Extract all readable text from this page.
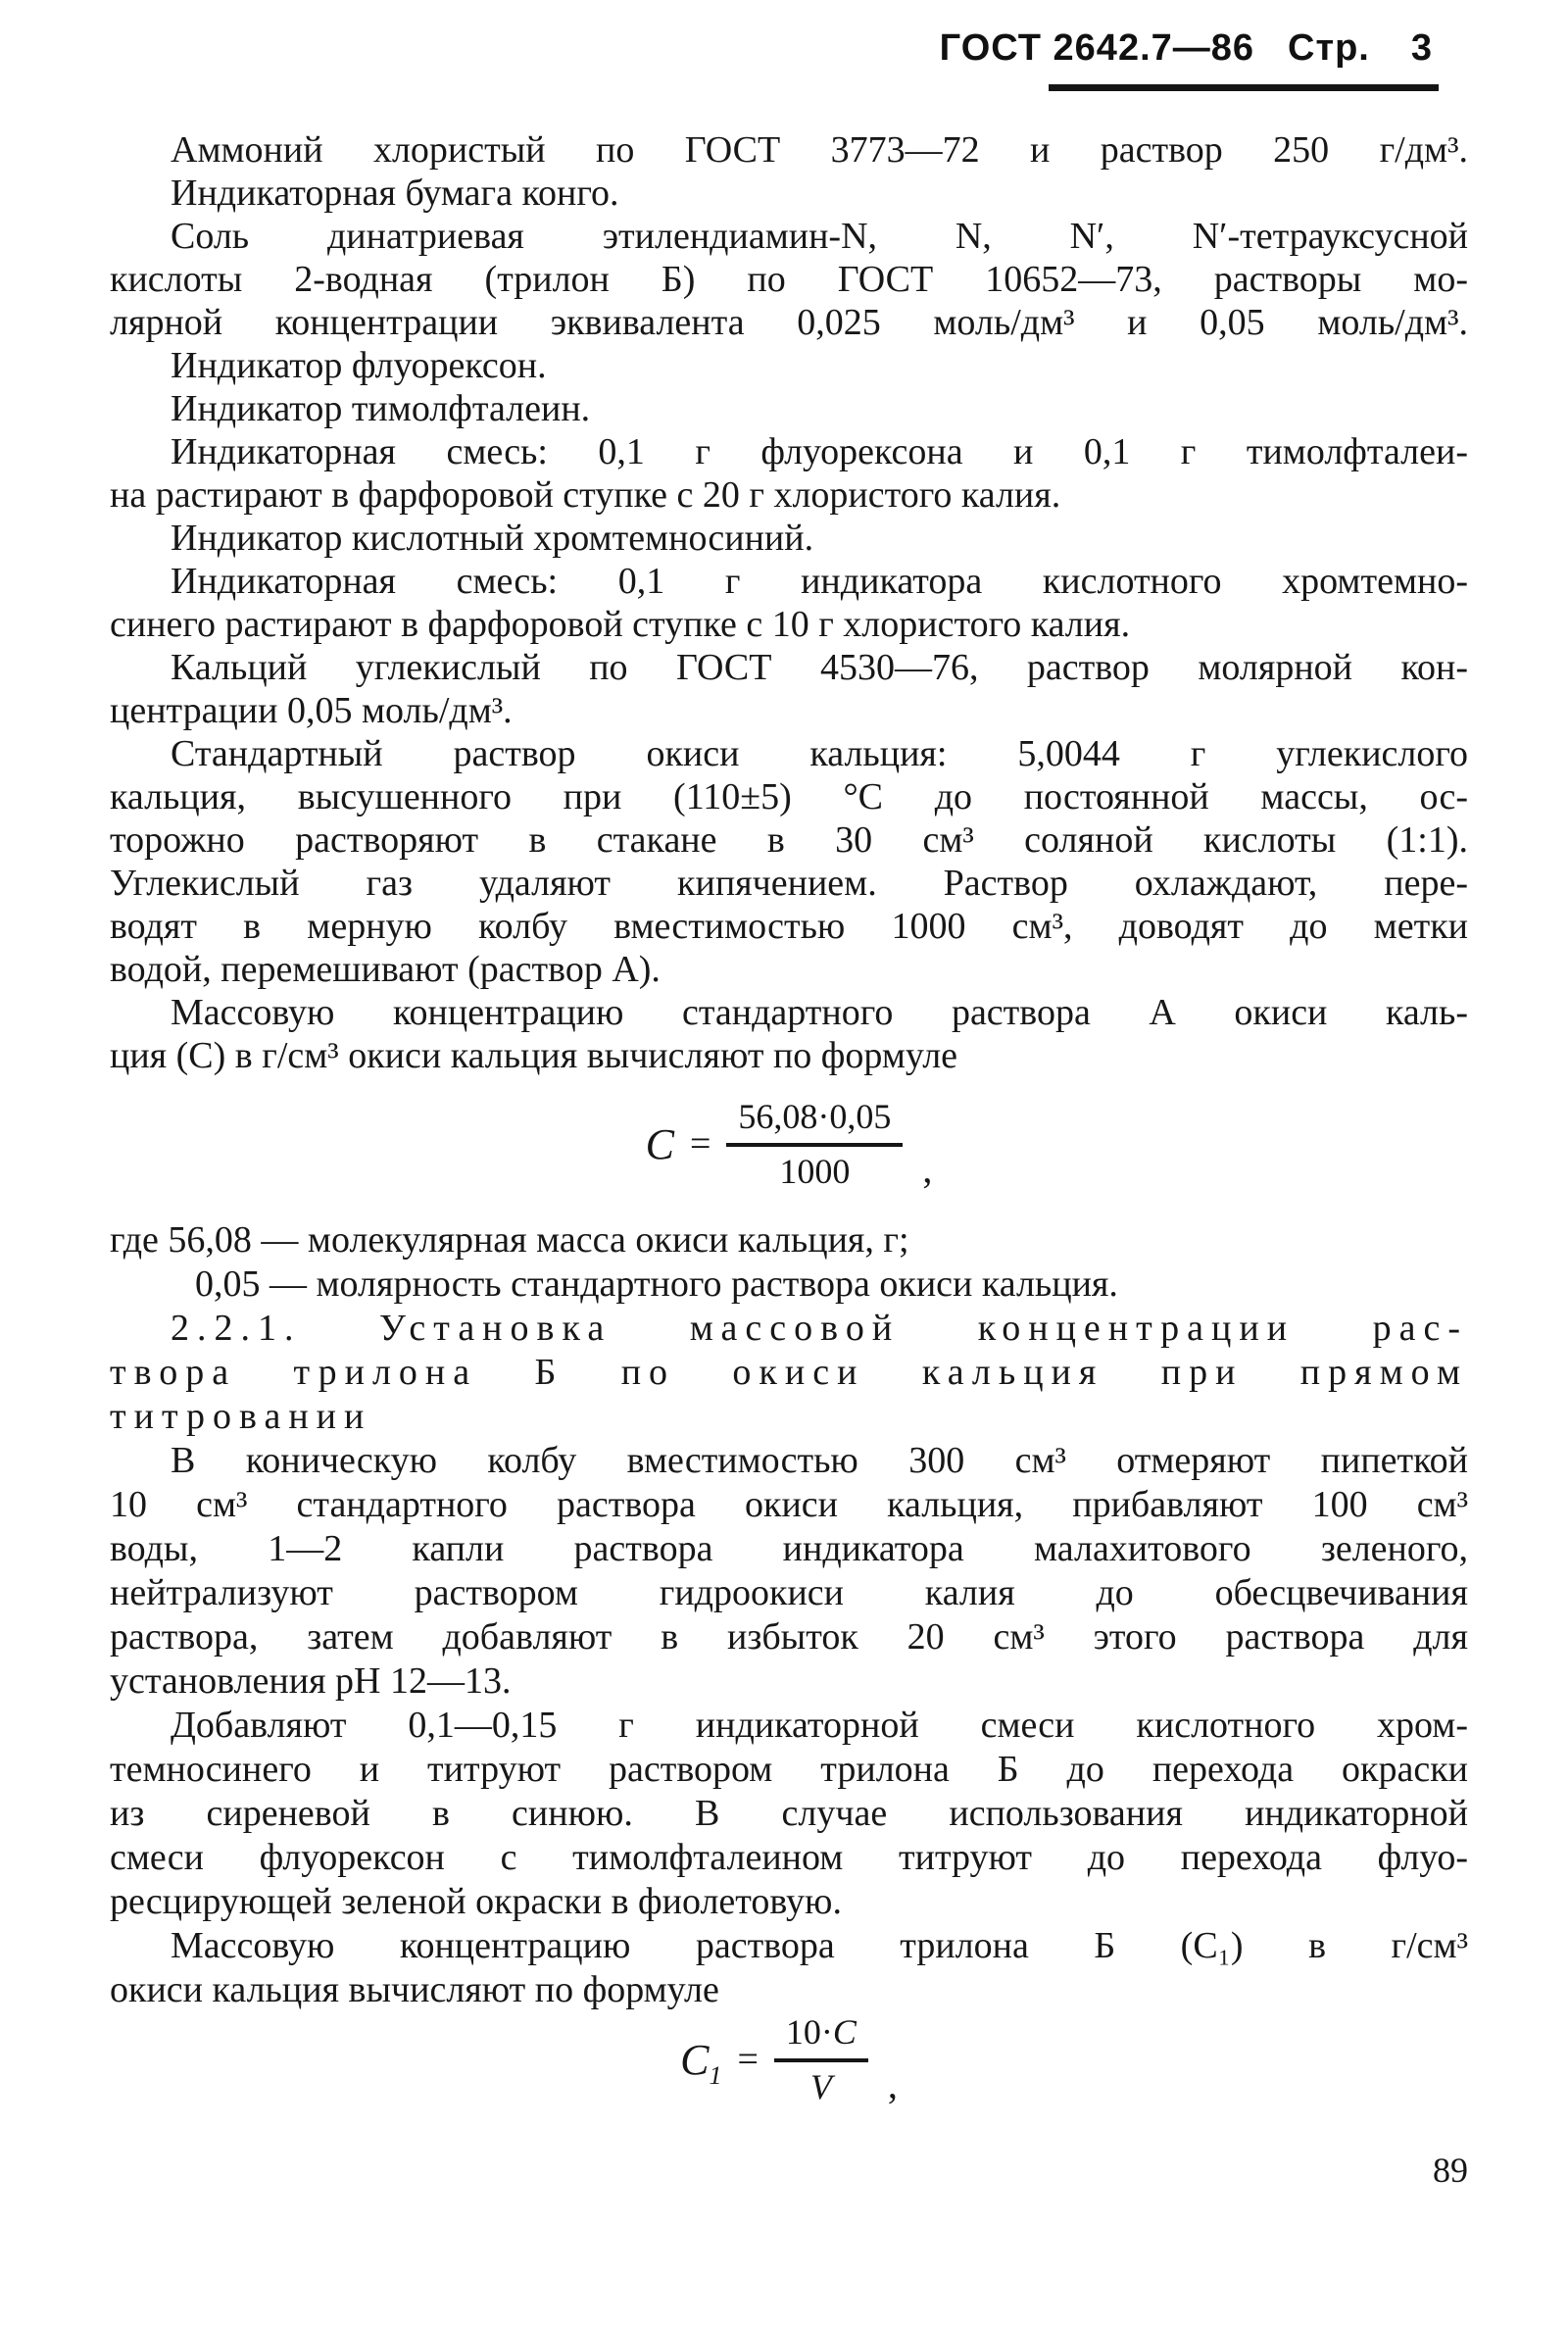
ГОСТ 2642.7—86 Стр. 3
Аммоний хлористый по ГОСТ 3773—72 и раствор 250 г/дм³.
Индикаторная бумага конго.
Соль динатриевая этилендиамин-N, N, N′, N′-тетрауксусной
кислоты 2-водная (трилон Б) по ГОСТ 10652—73, растворы мо-
лярной концентрации эквивалента 0,025 моль/дм³ и 0,05 моль/дм³.
Индикатор флуорексон.
Индикатор тимолфталеин.
Индикаторная смесь: 0,1 г флуорексона и 0,1 г тимолфталеи-
на растирают в фарфоровой ступке с 20 г хлористого калия.
Индикатор кислотный хромтемносиний.
Индикаторная смесь: 0,1 г индикатора кислотного хромтемно-
синего растирают в фарфоровой ступке с 10 г хлористого калия.
Кальций углекислый по ГОСТ 4530—76, раствор молярной кон-
центрации 0,05 моль/дм³.
Стандартный раствор окиси кальция: 5,0044 г углекислого
кальция, высушенного при (110±5) °С до постоянной массы, ос-
торожно растворяют в стакане в 30 см³ соляной кислоты (1:1).
Углекислый газ удаляют кипячением. Раствор охлаждают, пере-
водят в мерную колбу вместимостью 1000 см³, доводят до метки
водой, перемешивают (раствор А).
Массовую концентрацию стандартного раствора А окиси каль-
ция (С) в г/см³ окиси кальция вычисляют по формуле
$C = \frac{56,08\cdot 0,05}{1000}$ ,
где 56,08 — молекулярная масса окиси кальция, г;
0,05 — молярность стандартного раствора окиси кальция.
2.2.1. Установка массовой концентрации рас-
твора трилона Б по окиси кальция при прямом
титровании
В коническую колбу вместимостью 300 см³ отмеряют пипеткой
10 см³ стандартного раствора окиси кальция, прибавляют 100 см³
воды, 1—2 капли раствора индикатора малахитового зеленого,
нейтрализуют раствором гидроокиси калия до обесцвечивания
раствора, затем добавляют в избыток 20 см³ этого раствора для
установления рН 12—13.
Добавляют 0,1—0,15 г индикаторной смеси кислотного хром-
темносинего и титруют раствором трилона Б до перехода окраски
из сиреневой в синюю. В случае использования индикаторной
смеси флуорексон с тимолфталеином титруют до перехода флуо-
ресцирующей зеленой окраски в фиолетовую.
Массовую концентрацию раствора трилона Б (С₁) в г/см³
окиси кальция вычисляют по формуле
$C_1 = \frac{10\cdot C}{V}$ ,
89
